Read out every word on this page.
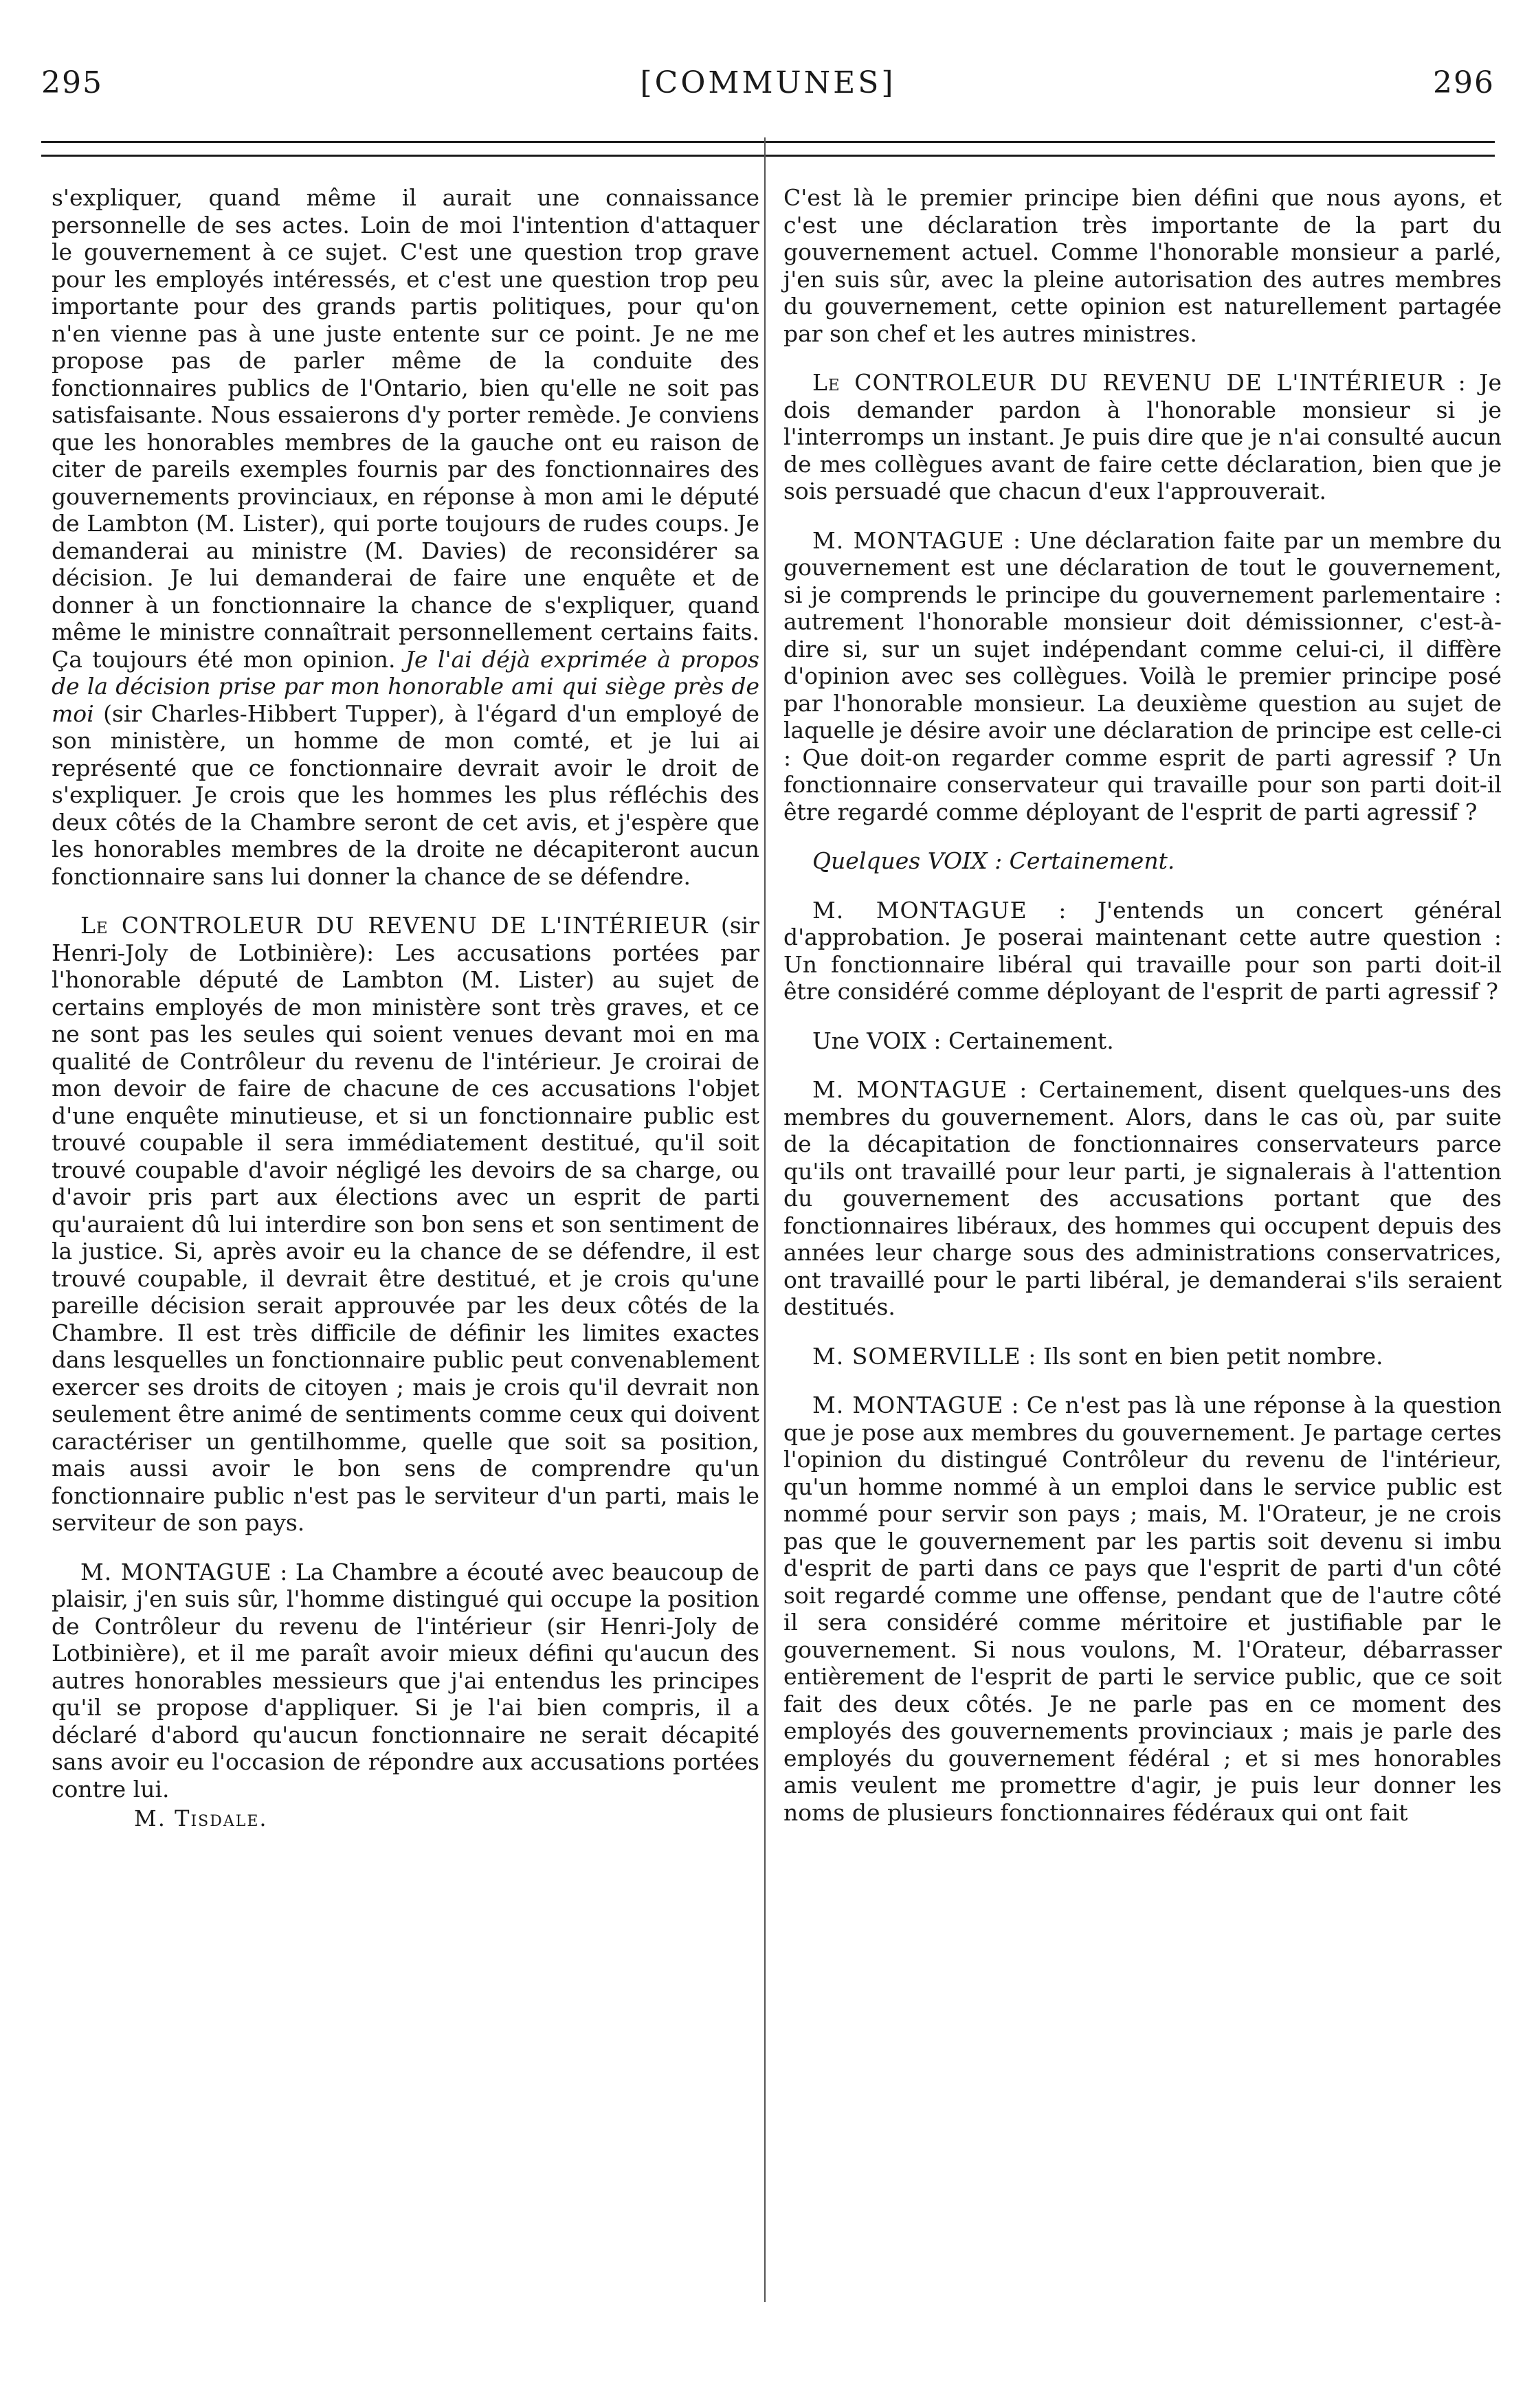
295	[COMMUNES]	296

s'expliquer, quand même il aurait une connaissance personnelle de ses actes. Loin de moi l'intention d'attaquer le gouvernement à ce sujet. C'est une question trop grave pour les employés intéressés, et c'est une question trop peu importante pour des grands partis politiques, pour qu'on n'en vienne pas à une juste entente sur ce point. Je ne me propose pas de parler même de la conduite des fonctionnaires publics de l'Ontario, bien qu'elle ne soit pas satisfaisante. Nous essaierons d'y porter remède. Je conviens que les honorables membres de la gauche ont eu raison de citer de pareils exemples fournis par des fonctionnaires des gouvernements provinciaux, en réponse à mon ami le député de Lambton (M. Lister), qui porte toujours de rudes coups. Je demanderai au ministre (M. Davies) de reconsidérer sa décision. Je lui demanderai de faire une enquête et de donner à un fonctionnaire la chance de s'expliquer, quand même le ministre connaîtrait personnellement certains faits. Ça toujours été mon opinion. Je l'ai déjà exprimée à propos de la décision prise par mon honorable ami qui siège près de moi (sir Charles-Hibbert Tupper), à l'égard d'un employé de son ministère, un homme de mon comté, et je lui ai représenté que ce fonctionnaire devrait avoir le droit de s'expliquer. Je crois que les hommes les plus réfléchis des deux côtés de la Chambre seront de cet avis, et j'espère que les honorables membres de la droite ne décapiteront aucun fonctionnaire sans lui donner la chance de se défendre.

Le CONTROLEUR DU REVENU DE L'INTÉRIEUR (sir Henri-Joly de Lotbinière): Les accusations portées par l'honorable député de Lambton (M. Lister) au sujet de certains employés de mon ministère sont très graves, et ce ne sont pas les seules qui soient venues devant moi en ma qualité de Contrôleur du revenu de l'intérieur. Je croirai de mon devoir de faire de chacune de ces accusations l'objet d'une enquête minutieuse, et si un fonctionnaire public est trouvé coupable il sera immédiatement destitué, qu'il soit trouvé coupable d'avoir négligé les devoirs de sa charge, ou d'avoir pris part aux élections avec un esprit de parti qu'auraient dû lui interdire son bon sens et son sentiment de la justice. Si, après avoir eu la chance de se défendre, il est trouvé coupable, il devrait être destitué, et je crois qu'une pareille décision serait approuvée par les deux côtés de la Chambre. Il est très difficile de définir les limites exactes dans lesquelles un fonctionnaire public peut convenablement exercer ses droits de citoyen ; mais je crois qu'il devrait non seulement être animé de sentiments comme ceux qui doivent caractériser un gentilhomme, quelle que soit sa position, mais aussi avoir le bon sens de comprendre qu'un fonctionnaire public n'est pas le serviteur d'un parti, mais le serviteur de son pays.

M. MONTAGUE : La Chambre a écouté avec beaucoup de plaisir, j'en suis sûr, l'homme distingué qui occupe la position de Contrôleur du revenu de l'intérieur (sir Henri-Joly de Lotbinière), et il me paraît avoir mieux défini qu'aucun des autres honorables messieurs que j'ai entendus les principes qu'il se propose d'appliquer. Si je l'ai bien compris, il a déclaré d'abord qu'aucun fonctionnaire ne serait décapité sans avoir eu l'occasion de répondre aux accusations portées contre lui.

M. Tisdale.

C'est là le premier principe bien défini que nous ayons, et c'est une déclaration très importante de la part du gouvernement actuel. Comme l'honorable monsieur a parlé, j'en suis sûr, avec la pleine autorisation des autres membres du gouvernement, cette opinion est naturellement partagée par son chef et les autres ministres.

Le CONTROLEUR DU REVENU DE L'INTÉRIEUR : Je dois demander pardon à l'honorable monsieur si je l'interromps un instant. Je puis dire que je n'ai consulté aucun de mes collègues avant de faire cette déclaration, bien que je sois persuadé que chacun d'eux l'approuverait.

M. MONTAGUE : Une déclaration faite par un membre du gouvernement est une déclaration de tout le gouvernement, si je comprends le principe du gouvernement parlementaire : autrement l'honorable monsieur doit démissionner, c'est-à-dire si, sur un sujet indépendant comme celui-ci, il diffère d'opinion avec ses collègues. Voilà le premier principe posé par l'honorable monsieur. La deuxième question au sujet de laquelle je désire avoir une déclaration de principe est celle-ci : Que doit-on regarder comme esprit de parti agressif ? Un fonctionnaire conservateur qui travaille pour son parti doit-il être regardé comme déployant de l'esprit de parti agressif ?

Quelques VOIX : Certainement.

M. MONTAGUE : J'entends un concert général d'approbation. Je poserai maintenant cette autre question : Un fonctionnaire libéral qui travaille pour son parti doit-il être considéré comme déployant de l'esprit de parti agressif ?

Une VOIX : Certainement.

M. MONTAGUE : Certainement, disent quelques-uns des membres du gouvernement. Alors, dans le cas où, par suite de la décapitation de fonctionnaires conservateurs parce qu'ils ont travaillé pour leur parti, je signalerais à l'attention du gouvernement des accusations portant que des fonctionnaires libéraux, des hommes qui occupent depuis des années leur charge sous des administrations conservatrices, ont travaillé pour le parti libéral, je demanderai s'ils seraient destitués.

M. SOMERVILLE : Ils sont en bien petit nombre.

M. MONTAGUE : Ce n'est pas là une réponse à la question que je pose aux membres du gouvernement. Je partage certes l'opinion du distingué Contrôleur du revenu de l'intérieur, qu'un homme nommé à un emploi dans le service public est nommé pour servir son pays ; mais, M. l'Orateur, je ne crois pas que le gouvernement par les partis soit devenu si imbu d'esprit de parti dans ce pays que l'esprit de parti d'un côté soit regardé comme une offense, pendant que de l'autre côté il sera considéré comme méritoire et justifiable par le gouvernement. Si nous voulons, M. l'Orateur, débarrasser entièrement de l'esprit de parti le service public, que ce soit fait des deux côtés. Je ne parle pas en ce moment des employés des gouvernements provinciaux ; mais je parle des employés du gouvernement fédéral ; et si mes honorables amis veulent me promettre d'agir, je puis leur donner les noms de plusieurs fonctionnaires fédéraux qui ont fait
